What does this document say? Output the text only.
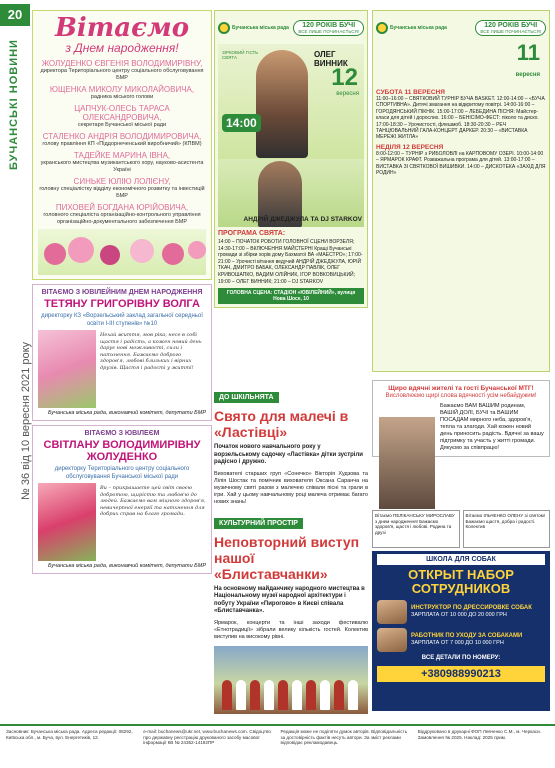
20
БУЧАНСЬКІ НОВИНИ
№ 36 від 10 вересня 2021 року
Вітаємо
з Днем народження!
ЖОЛУДЕНКО ЄВГЕНІЯ ВОЛОДИМИРІВНУ,
директора Територіального центру соціального обслуговування БМР
ЮЩЕНКА МИКОЛУ МИКОЛАЙОВИЧА,
радника міського голови
ЦАПЧУК-ОЛЕСЬ ТАРАСА ОЛЕКСАНДРОВИЧА,
секретаря Бучанської міської ради
СТАЛЕНКО АНДРІЯ ВОЛОДИМИРОВИЧА,
голову правління КП «Піддорнеченський виробничий» (КПВМ)
ТАДЕЙКЕ МАРИНА ІВНА,
укранського мистецтва музикантського хору, науково-асистента Україні
СИНЬКЕ ЮЛІЮ ЛОЛІЄНУ,
головну спеціалістку відділу економічного розвитку та інвестицій БМР
ПИХОВЕЙ БОГДАНА ЮРІЙОВИЧА,
головного спеціаліста організаційно-контрольного управління організаційно-документального забезпечення БМР
ВІТАЄМО З ЮВІЛЕЙНИМ ДНЕМ НАРОДЖЕННЯ
ТЕТЯНУ ГРИГОРІВНУ ВОЛГА
директорку КЗ «Ворзельський заклад загальної середньої освіти І-ІІІ ступенів» №10
Нехай життя, мов ріка, несе в собі щастя і радість, а кожен новий день дарує нові можливості, сили і натхнення. Бажаємо доброго здоров'я, любові близьких і вірних друзів. Щастя і радості у житті!
Бучанська міська рада, виконавчий комітет, депутати БМР
ВІТАЄМО З ЮВІЛЕЄМ
СВІТЛАНУ ВОЛОДИМИРІВНУ ЖОЛУДЕНКО
директорку Територіального центру соціального обслуговування Бучанської міської ради
Ви – прикрашаєте цей світ своєю добротою, щирістю та любов'ю до людей. Бажаємо вам міцного здоров'я, невичерпної енергії та натхнення для добрих справ на благо громади.
Бучанська міська рада, виконавчий комітет, депутати БМР
Бучанська міська рада	120 РОКІВ БУЧІ
ВСЕ ЛИШЕ ПОЧИНАЄТЬСЯ!
ЗІРКОВИЙ ГІСТЬ СВЯТА	ОЛЕГ ВИННИК
12
вересня
14:00
АНДРІЙ ДЖЕДЖУЛА ТА DJ STARKOV
ПРОГРАМА СВЯТА:

14:00 – ПОЧАТОК РОБОТИ ГОЛОВНОЇ СЦЕНИ ВОРЗЕЛЯ; 14:30-17:00 – ВКЛЮЧЕННЯ МАЙСТЕРНІ Кращі Бучанські громади зі збірки хорів дому Бахматої ВА «МАЕСТРО»; 17:00-21:00 – Урочисті вітання ведучий АНДРІЙ ДЖЕДЖУЛА, ЮРІЙ ТКАЧ, ДМИТРО БАБАК, ОЛЕКСАНДР ПАВЛІК, ОЛЕГ КРИВОШАПКО, ВАДИМ ОЛІЙНИК, ІГОР ВОВКОВИЦЬКИЙ; 19:00 – ОЛЕГ ВИННИК; 21:00 – DJ STARKOV

ГОЛОВНА СЦЕНА: СТАДІОН «ЮВІЛЕЙНИЙ», вулиця Нова Шосе, 10
Бучанська міська рада	120 РОКІВ БУЧІ
ВСЕ ЛИШЕ ПОЧИНАЄТЬСЯ!
11
вересня
СУБОТА 11 ВЕРЕСНЯ

11:00–16:00 – СВЯТКОВИЙ ТУРНІР БУЧА BASKET. 12:00-14:00 – «БУЧА СПОРТИВНА». Дитячі змагання на відкритому повітрі. 14:00-16:00 – ГОРОДЯНСЬКИЙ ПІКНІК. 15:00-17:00 – ЛЕБЕДИНА ПІСНЯ: Майстер-класи для дітей і дорослих. 16:00 – БЕНІСІМО-ФЕСТ: піколо та диско. 17:00-18:30 – Урочистості, флешмоб. 18:30-20:30 – РЕЧ ТАНЦЮВАЛЬНИЙ ГАЛА-КОНЦЕРТ ДАРКЕР. 20:30 – «ВИСТАВКА МЕРЕЖІ ЖИТЛА»

НЕДІЛЯ 12 ВЕРЕСНЯ

8:00-12:00 – ТУРНІР з РИБОЛОВЛІ на КАРПОВОМУ ОЗЕРІ. 10:00-14:00 – ЯРМАРОК КРАФТ. Розважальна програма для дітей. 13:00-17:00 – ВИСТАВКА ЗІ СВЯТКОВОЇ ВИШИВКИ. 14:00 – ДИСКОТЕКА «ЗАХІД ДЛЯ РОДИН»

ДО ШКІЛЬНЯТА
Свято для малечі в «Ластівці»
Початок нового навчального року у ворзельському садочку «Ластівка» дітки зустріли радісно і дружно.
Вихователі старших груп «Сонечко» Вікторія Худзова та Лілія Шостак та помічник вихователя Оксана Саранча на музичному святі разом з малечею співали пісні та грали в ігри. Хай у цьому навчальному році малеча отримає багато нових знань!
КУЛЬТУРНИЙ ПРОСТІР
Неповторний виступ нашої «Блиставчанки»
На основному майданчику народного мистецтва в Національному музеї народної архітектури і побуту України «Пирогово» в Києві співала «Блиставчанка».
Ярмарок, концерти та інші заходи фестивалю «Етнотрадиції» зібрали велику кількість гостей. Колектив виступив на високому рівні.
Щиро вдячні жителі та гості Бучанської МТГ!
Висловлюємо щирі слова вдячності усім небайдужим!
Бажаємо ВАМ ВАШИМ родинам, ВАШІЙ ДОЛІ, БУЧІ та ВАШИМ ПОСАДАМ мирного неба, здоров'я, тепла та злагоди. Хай кожен новий день приносить радість. Вдячні за вашу підтримку та участь у житті громади. Дякуємо за співпрацю!
Вітаємо ПЕЛІКАНСЬКУ МИРОСЛАВУ з днем народження! Бажаємо здоров'я, щастя і любові. Родина та друзі
Вітаємо ІЛЬЧЕНКО ОЛЕНУ зі святом! Бажаємо щастя, добра і радості. Колектив
ШКОЛА ДЛЯ СОБАК
ОТКРЫТ НАБОР СОТРУДНИКОВ
ИНСТРУКТОР ПО ДРЕССИРОВКЕ СОБАК
ЗАРПЛАТА ОТ 10 000 ДО 20 000 ГРН
РАБОТНИК ПО УХОДУ ЗА СОБАКАМИ
ЗАРПЛАТА ОТ 7 000 ДО 10 000 ГРН
ВСЕ ДЕТАЛИ ПО НОМЕРУ:
+380988990213
Засновник: Бучанська міська рада. Адреса редакції: 08292, Київська обл., м. Буча, вул. Енергетиків, 12.
e-mail: buchanews@ukr.net, www.buchanews.com. Свідоцтво про державну реєстрацію друкованого засобу масової інформації КВ № 24352-14192ПР
Редакція може не поділяти думок авторів. Відповідальність за достовірність фактів несуть автори. За зміст реклами відповідає рекламодавець.
Віддруковано в друкарні ФОП Левченко С.М., м. Черкаси. Замовлення № 2025. Наклад: 2025 прим.
